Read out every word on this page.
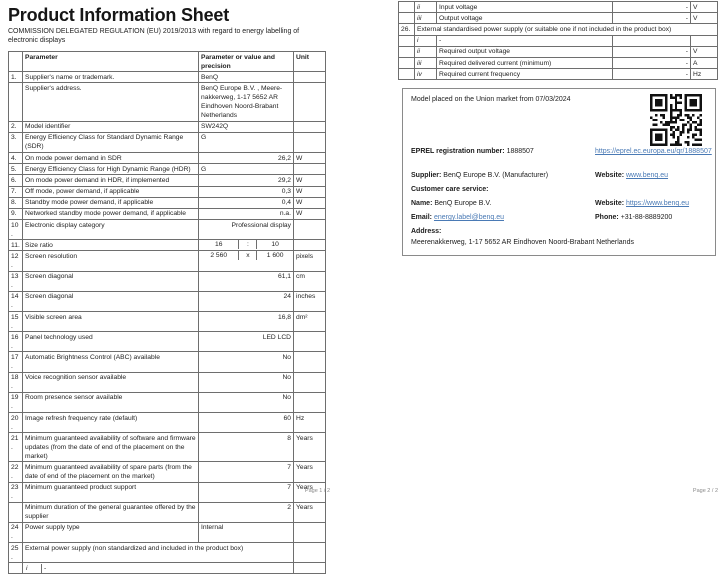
Product Information Sheet
COMMISSION DELEGATED REGULATION (EU) 2019/2013 with regard to energy labelling of electronic displays
	Parameter	Parameter or value and precision	Unit
1.	Supplier's name or trademark.	BenQ	
	Supplier's address.	BenQ Europe B.V. , Meere-nakkerweg, 1-17 5652 AR Eindhoven Noord-Brabant Netherlands	
2.	Model identifier	SW242Q	
3.	Energy Efficiency Class for Standard Dynamic Range (SDR)	G	
4.	On mode power demand in SDR	26,2	W
5.	Energy Efficiency Class for High Dynamic Range (HDR)	G	
6.	On mode power demand in HDR, if implemented	29,2	W
7.	Off mode, power demand, if applicable	0,3	W
8.	Standby mode power demand, if applicable	0,4	W
9.	Networked standby mode power demand, if applicable	n.a.	W
10.	Electronic display category	Professional display	
11.	Size ratio	16 : 10	

12.	Screen resolution	2 560 x 1 600	pixels
13.	Screen diagonal	61,1	cm
14.	Screen diagonal	24	inches
15.	Visible screen area	16,8	dm²
16.	Panel technology used	LED LCD	
17.	Automatic Brightness Control (ABC) available	No	
18.	Voice recognition sensor available	No	
19.	Room presence sensor available	No	
20.	Image refresh frequency rate (default)	60	Hz
21.	Minimum guaranteed availability of software and firmware updates (from the date of end of the placement on the market)	8	Years
22.	Minimum guaranteed availability of spare parts (from the date of end of the placement on the market)	7	Years
23.	Minimum guaranteed product support	7	Years
	Minimum duration of the general guarantee offered by the supplier	2	Years
24.	Power supply type	Internal	
25.	External power supply (non standardized and included in the product box)		

	i -		

	ii	Input voltage	-	V
	iii	Output voltage	-	V
26.	External standardised power supply (or suitable one if not included in the product box)			
	i	-		
	ii	Required output voltage	-	V
	iii	Required delivered current (minimum)	-	A
	iv	Required current frequency	-	Hz
Model placed on the Union market from 07/03/2024
EPREL registration number: 1888507	https://eprel.ec.europa.eu/qr/1888507
Supplier: BenQ Europe B.V. (Manufacturer)	Website: www.benq.eu
Customer care service:
Name: BenQ Europe B.V.	Website: https://www.benq.eu
Email: energy.label@benq.eu	Phone: +31-88-8889200
Address:
Meerenakkerweg, 1-17 5652 AR Eindhoven Noord-Brabant Netherlands
Page 1 / 2	Page 2 / 2
